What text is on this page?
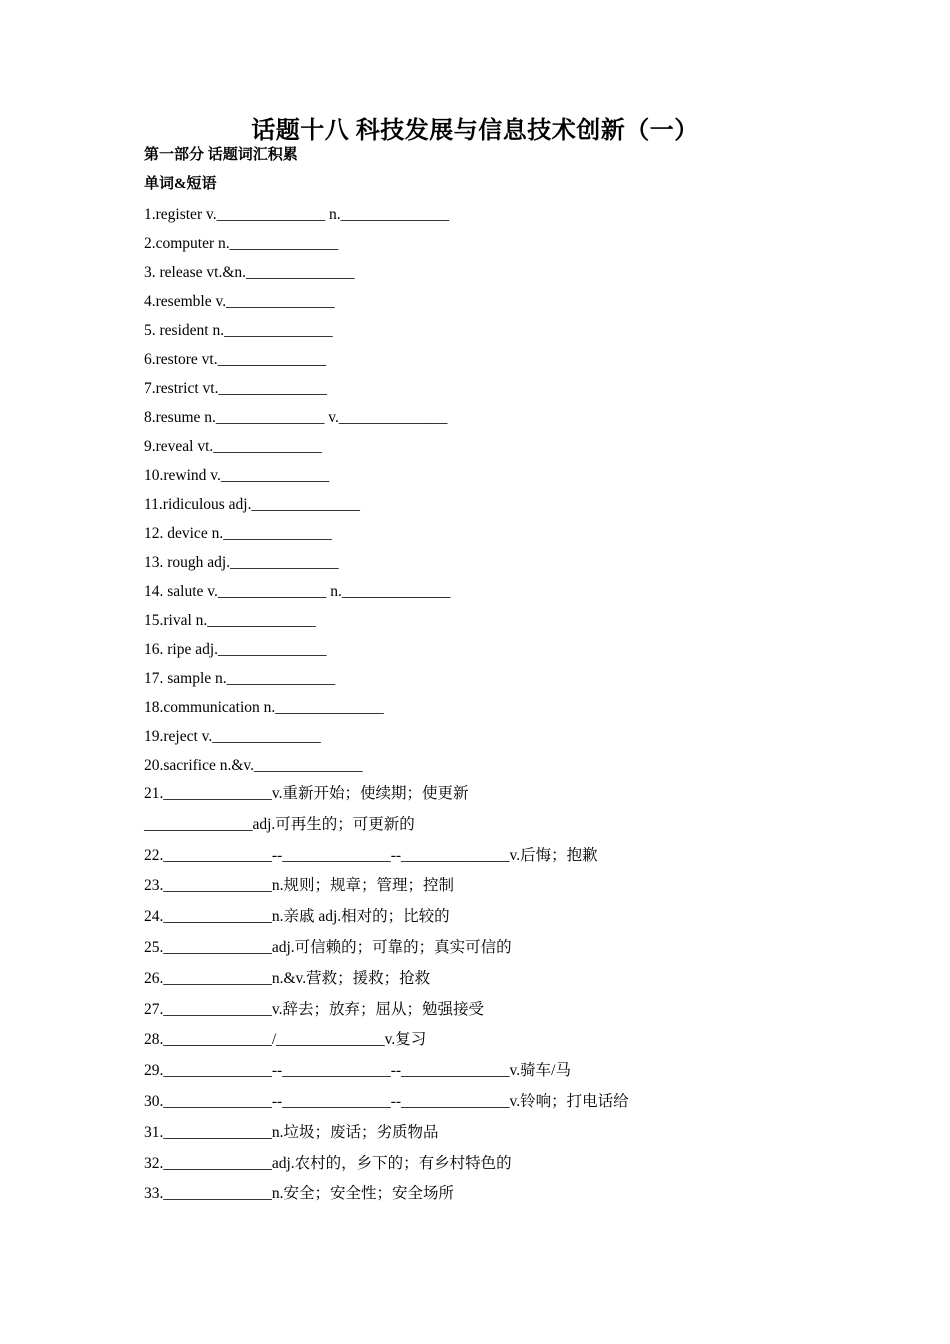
话题十八 科技发展与信息技术创新（一）
第一部分 话题词汇积累
单词&短语
1.register v.______________ n.______________
2.computer n.______________
3. release vt.&n.______________
4.resemble v.______________
5. resident n.______________
6.restore vt.______________
7.restrict vt.______________
8.resume n.______________ v.______________
9.reveal vt.______________
10.rewind v.______________
11.ridiculous adj.______________
12. device n.______________
13. rough adj.______________
14. salute v.______________ n.______________
15.rival n.______________
16. ripe adj.______________
17. sample n.______________
18.communication n.______________
19.reject v.______________
20.sacrifice n.&v.______________
21.______________v.重新开始；使续期；使更新
______________adj.可再生的；可更新的
22.______________--______________--______________v.后悔；抱歉
23.______________n.规则；规章；管理；控制
24.______________n.亲戚 adj.相对的；比较的
25.______________adj.可信赖的；可靠的；真实可信的
26.______________n.&v.营救；援救；抢救
27.______________v.辞去；放弃；屈从；勉强接受
28.______________/______________v.复习
29.______________--______________--______________v.骑车/马
30.______________--______________--______________v.铃响；打电话给
31.______________n.垃圾；废话；劣质物品
32.______________adj.农村的，乡下的；有乡村特色的
33.______________n.安全；安全性；安全场所
